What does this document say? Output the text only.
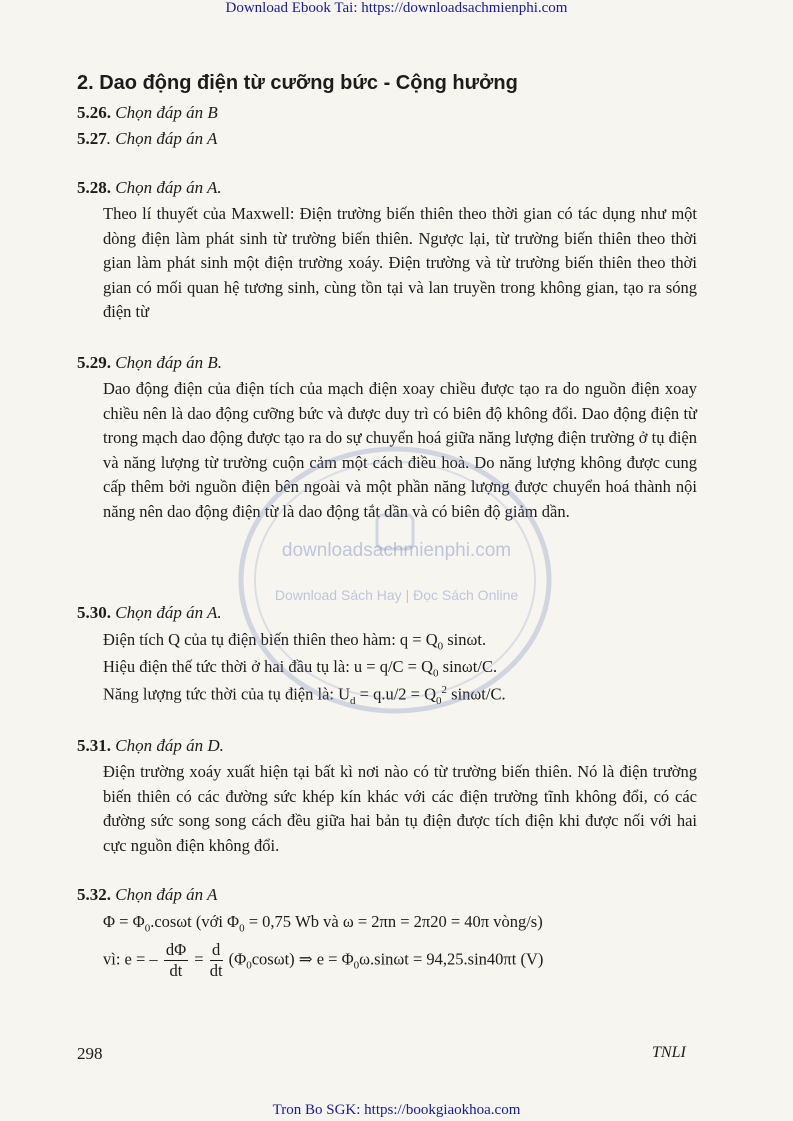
Download Ebook Tai: https://downloadsachmienphi.com
2. Dao động điện từ cưỡng bức - Cộng hưởng
5.26. Chọn đáp án B
5.27. Chọn đáp án A
5.28. Chọn đáp án A.

Theo lí thuyết của Maxwell: Điện trường biến thiên theo thời gian có tác dụng như một dòng điện làm phát sinh từ trường biến thiên. Ngược lại, từ trường biến thiên theo thời gian làm phát sinh một điện trường xoáy. Điện trường và từ trường biến thiên theo thời gian có mối quan hệ tương sinh, cùng tồn tại và lan truyền trong không gian, tạo ra sóng điện từ

5.29. Chọn đáp án B.

Dao động điện của điện tích của mạch điện xoay chiều được tạo ra do nguồn điện xoay chiều nên là dao động cưỡng bức và được duy trì có biên độ không đổi. Dao động điện từ trong mạch dao động được tạo ra do sự chuyển hoá giữa năng lượng điện trường ở tụ điện và năng lượng từ trường cuộn cảm một cách điều hoà. Do năng lượng không được cung cấp thêm bởi nguồn điện bên ngoài và một phần năng lượng được chuyển hoá thành nội năng nên dao động điện từ là dao động tắt dần và có biên độ giảm dần.

5.30. Chọn đáp án A.
Điện tích Q của tụ điện biến thiên theo hàm: $q = Q_0$ sinωt.
Hiệu điện thế tức thời ở hai đầu tụ là: $u = q/C = Q_0$ sinωt/C.
Năng lượng tức thời của tụ điện là: $U_d = q.u/2 = Q_0^2$ sinωt/C.
5.31. Chọn đáp án D.

Điện trường xoáy xuất hiện tại bất kì nơi nào có từ trường biến thiên. Nó là điện trường biến thiên có các đường sức khép kín khác với các điện trường tĩnh không đổi, có các đường sức song song cách đều giữa hai bản tụ điện được tích điện khi được nối với hai cực nguồn điện không đổi.

5.32. Chọn đáp án A
$\Phi = \Phi_0.\cos\omega t$ (với $\Phi_0 = 0,75$ Wb và ω = 2πn = 2π20 = 40π vòng/s)
vì: e = – $\frac{d\Phi}{dt} = \frac{d}{dt} (\Phi_0\cos\omega t)$ ⇒ $e = \Phi_0\omega.\sin\omega t = 94,25.\sin 40\pi t$ (V)
298	TNLI
downloadsachmienphi.com
Download Sách Hay | Đọc Sách Online
Tron Bo SGK: https://bookgiaokhoa.com
